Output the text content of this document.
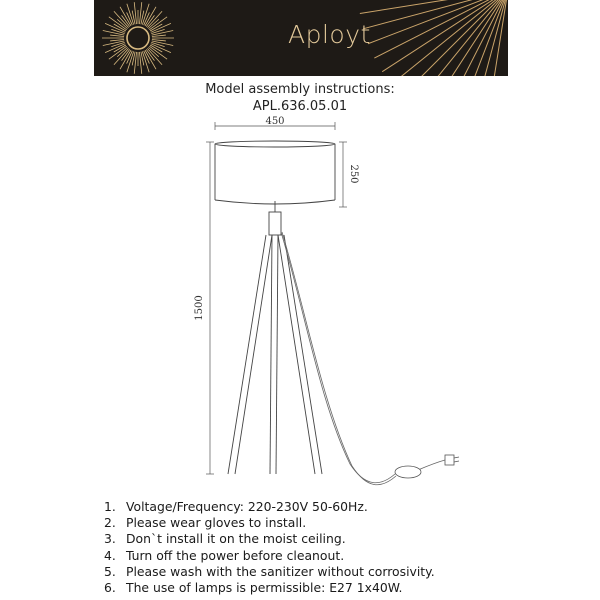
Aployt
Model assembly instructions:
APL.636.05.01
450
250
1500
1. Voltage/Frequency: 220-230V 50-60Hz.
2. Please wear gloves to install.
3. Don`t install it on the moist ceiling.
4. Turn off the power before cleanout.
5. Please wash with the sanitizer without corrosivity.
6. The use of lamps is permissible: E27 1x40W.
